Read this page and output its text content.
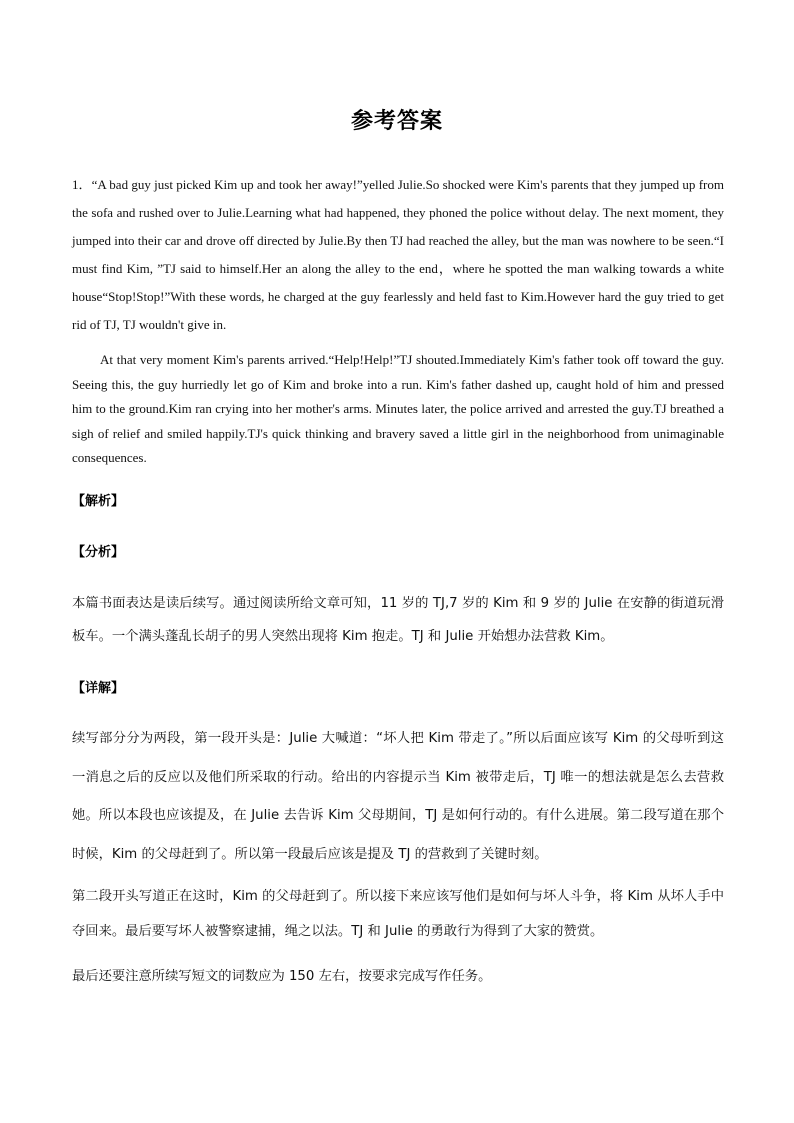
参考答案

1．“A bad guy just picked Kim up and took her away!”yelled Julie.So shocked were Kim's parents that they jumped up from the sofa and rushed over to Julie.Learning what had happened, they phoned the police without delay. The next moment, they jumped into their car and drove off directed by Julie.By then TJ had reached the alley, but the man was nowhere to be seen.“I must find Kim, ”TJ said to himself.Her an along the alley to the end，where he spotted the man walking towards a white house“Stop!Stop!”With these words, he charged at the guy fearlessly and held fast to Kim.However hard the guy tried to get rid of TJ, TJ wouldn't give in.

At that very moment Kim's parents arrived.“Help!Help!”TJ shouted.Immediately Kim's father took off toward the guy. Seeing this, the guy hurriedly let go of Kim and broke into a run. Kim's father dashed up, caught hold of him and pressed him to the ground.Kim ran crying into her mother's arms. Minutes later, the police arrived and arrested the guy.TJ breathed a sigh of relief and smiled happily.TJ's quick thinking and bravery saved a little girl in the neighborhood from unimaginable consequences.

【解析】
【分析】

本篇书面表达是读后续写。通过阅读所给文章可知，11 岁的 TJ,7 岁的 Kim 和 9 岁的 Julie 在安静的街道玩滑板车。一个满头蓬乱长胡子的男人突然出现将 Kim 抱走。TJ 和 Julie 开始想办法营救 Kim。

【详解】

续写部分分为两段，第一段开头是：Julie 大喊道：“坏人把 Kim 带走了。”所以后面应该写 Kim 的父母听到这一消息之后的反应以及他们所采取的行动。给出的内容提示当 Kim 被带走后，TJ 唯一的想法就是怎么去营救她。所以本段也应该提及，在 Julie 去告诉 Kim 父母期间，TJ 是如何行动的。有什么进展。第二段写道在那个时候，Kim 的父母赶到了。所以第一段最后应该是提及 TJ 的营救到了关键时刻。

第二段开头写道正在这时，Kim 的父母赶到了。所以接下来应该写他们是如何与坏人斗争，将 Kim 从坏人手中夺回来。最后要写坏人被警察逮捕，绳之以法。TJ 和 Julie 的勇敢行为得到了大家的赞赏。

最后还要注意所续写短文的词数应为 150 左右，按要求完成写作任务。
